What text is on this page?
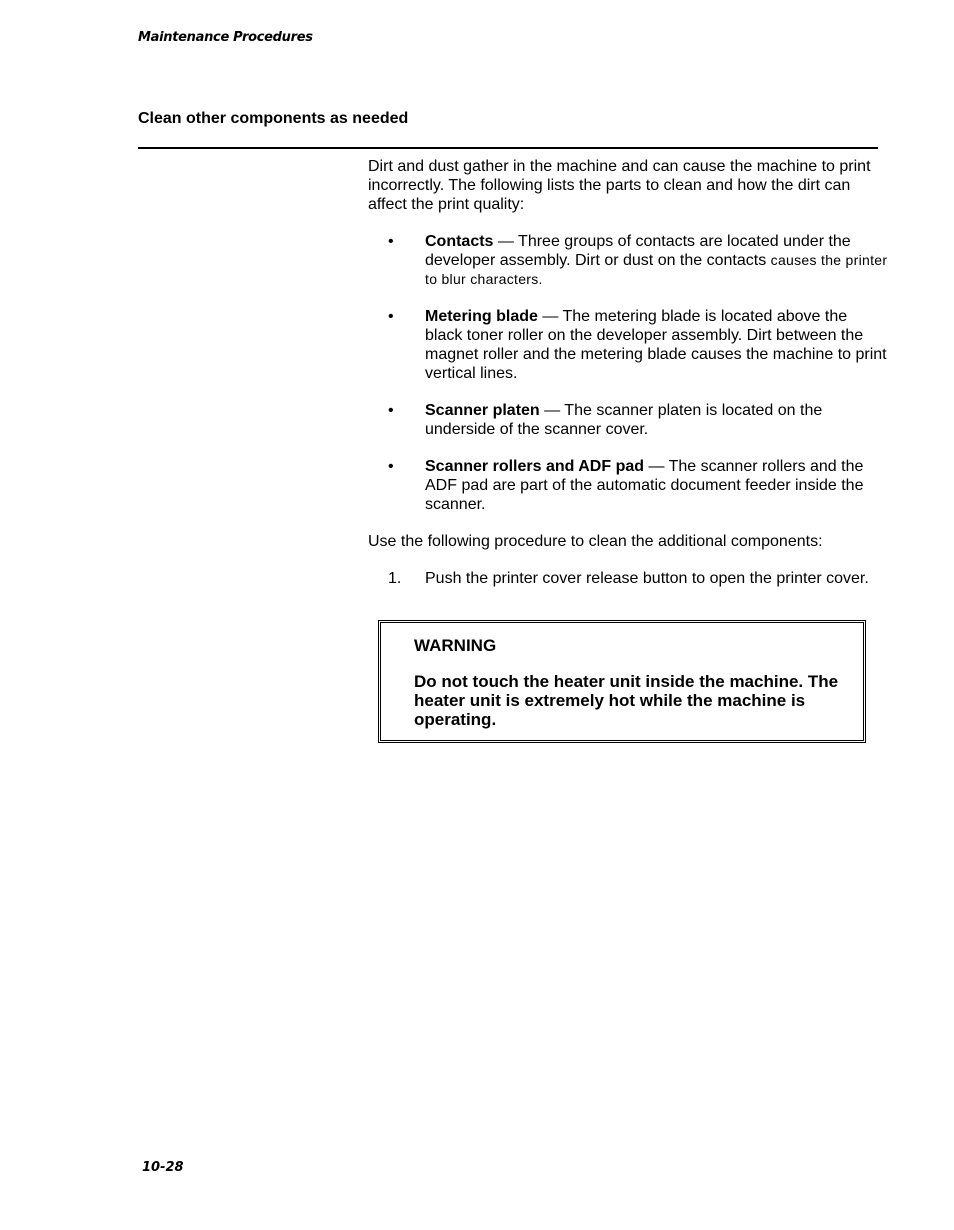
Maintenance Procedures
Clean other components as needed

Dirt and dust gather in the machine and can cause the machine to print incorrectly. The following lists the parts to clean and how the dirt can affect the print quality:

• Contacts — Three groups of contacts are located under the developer assembly. Dirt or dust on the contacts causes the printer to blur characters.
• Metering blade — The metering blade is located above the black toner roller on the developer assembly. Dirt between the magnet roller and the metering blade causes the machine to print vertical lines.
• Scanner platen — The scanner platen is located on the underside of the scanner cover.
• Scanner rollers and ADF pad — The scanner rollers and the ADF pad are part of the automatic document feeder inside the scanner.

Use the following procedure to clean the additional components:

1. Push the printer cover release button to open the printer cover.

WARNING

Do not touch the heater unit inside the machine. The heater unit is extremely hot while the machine is operating.

10-28
